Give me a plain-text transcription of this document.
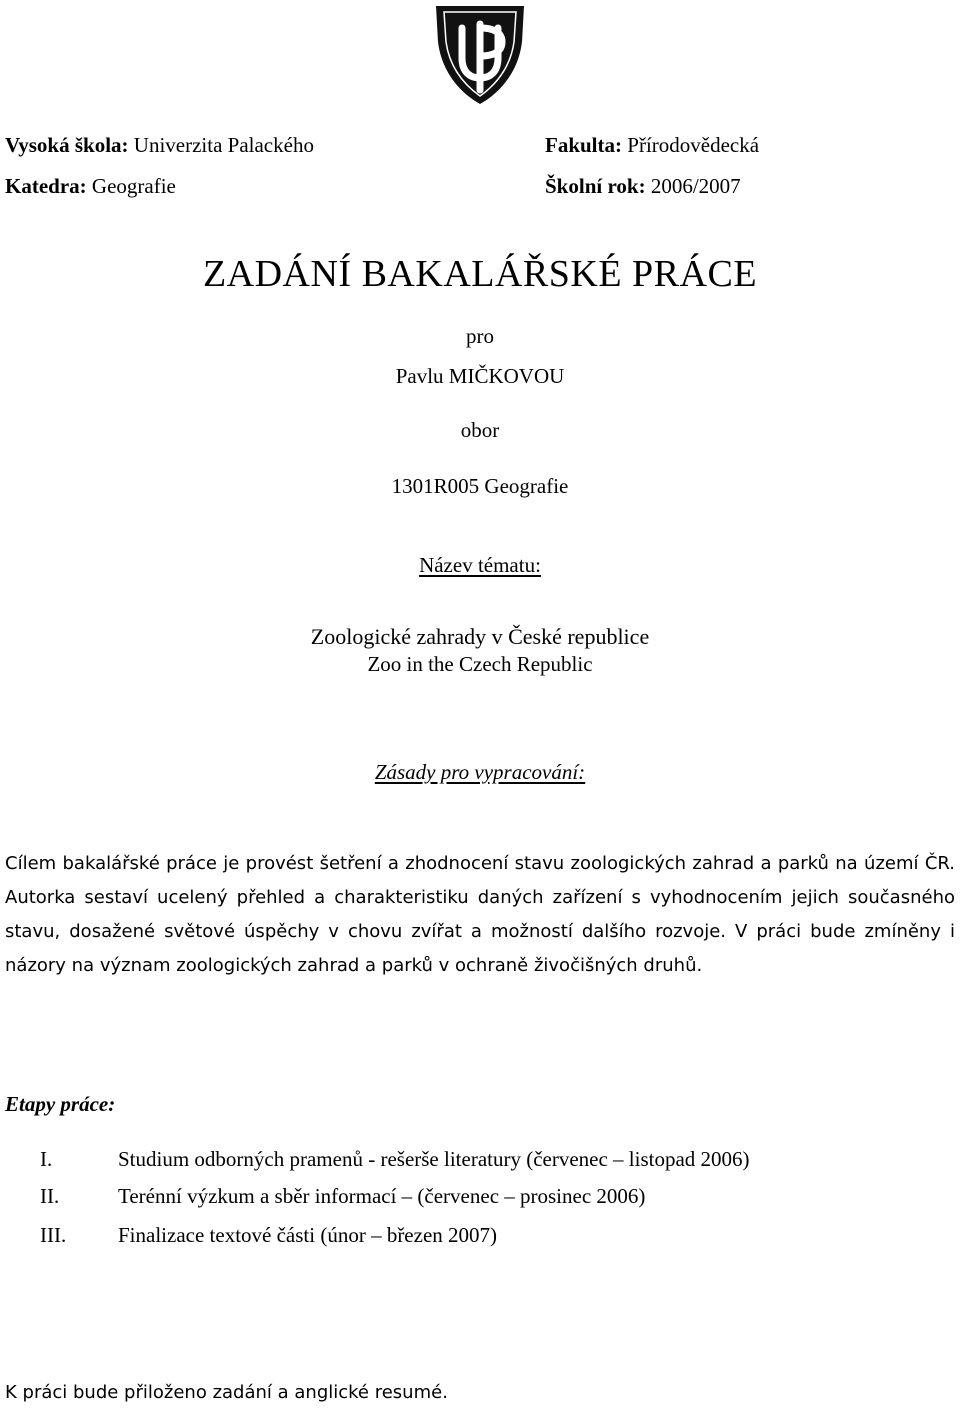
Vysoká škola: Univerzita Palackého	Fakulta: Přírodovědecká
Katedra: Geografie	Školní rok: 2006/2007
ZADÁNÍ BAKALÁŘSKÉ PRÁCE
pro
Pavlu MIČKOVOU
obor
1301R005 Geografie
Název tématu:
Zoologické zahrady v České republice
Zoo in the Czech Republic
Zásady pro vypracování:
Cílem bakalářské práce je provést šetření a zhodnocení stavu zoologických zahrad a parků na území ČR. Autorka sestaví ucelený přehled a charakteristiku daných zařízení s vyhodnocením jejich současného stavu, dosažené světové úspěchy v chovu zvířat a možností dalšího rozvoje. V práci bude zmíněny i názory na význam zoologických zahrad a parků v ochraně živočišných druhů.
Etapy práce:
I.	Studium odborných pramenů - rešerše literatury (červenec – listopad 2006)
II.	Terénní výzkum a sběr informací – (červenec – prosinec 2006)
III. Finalizace textové části (únor – březen 2007)
K práci bude přiloženo zadání a anglické resumé.
